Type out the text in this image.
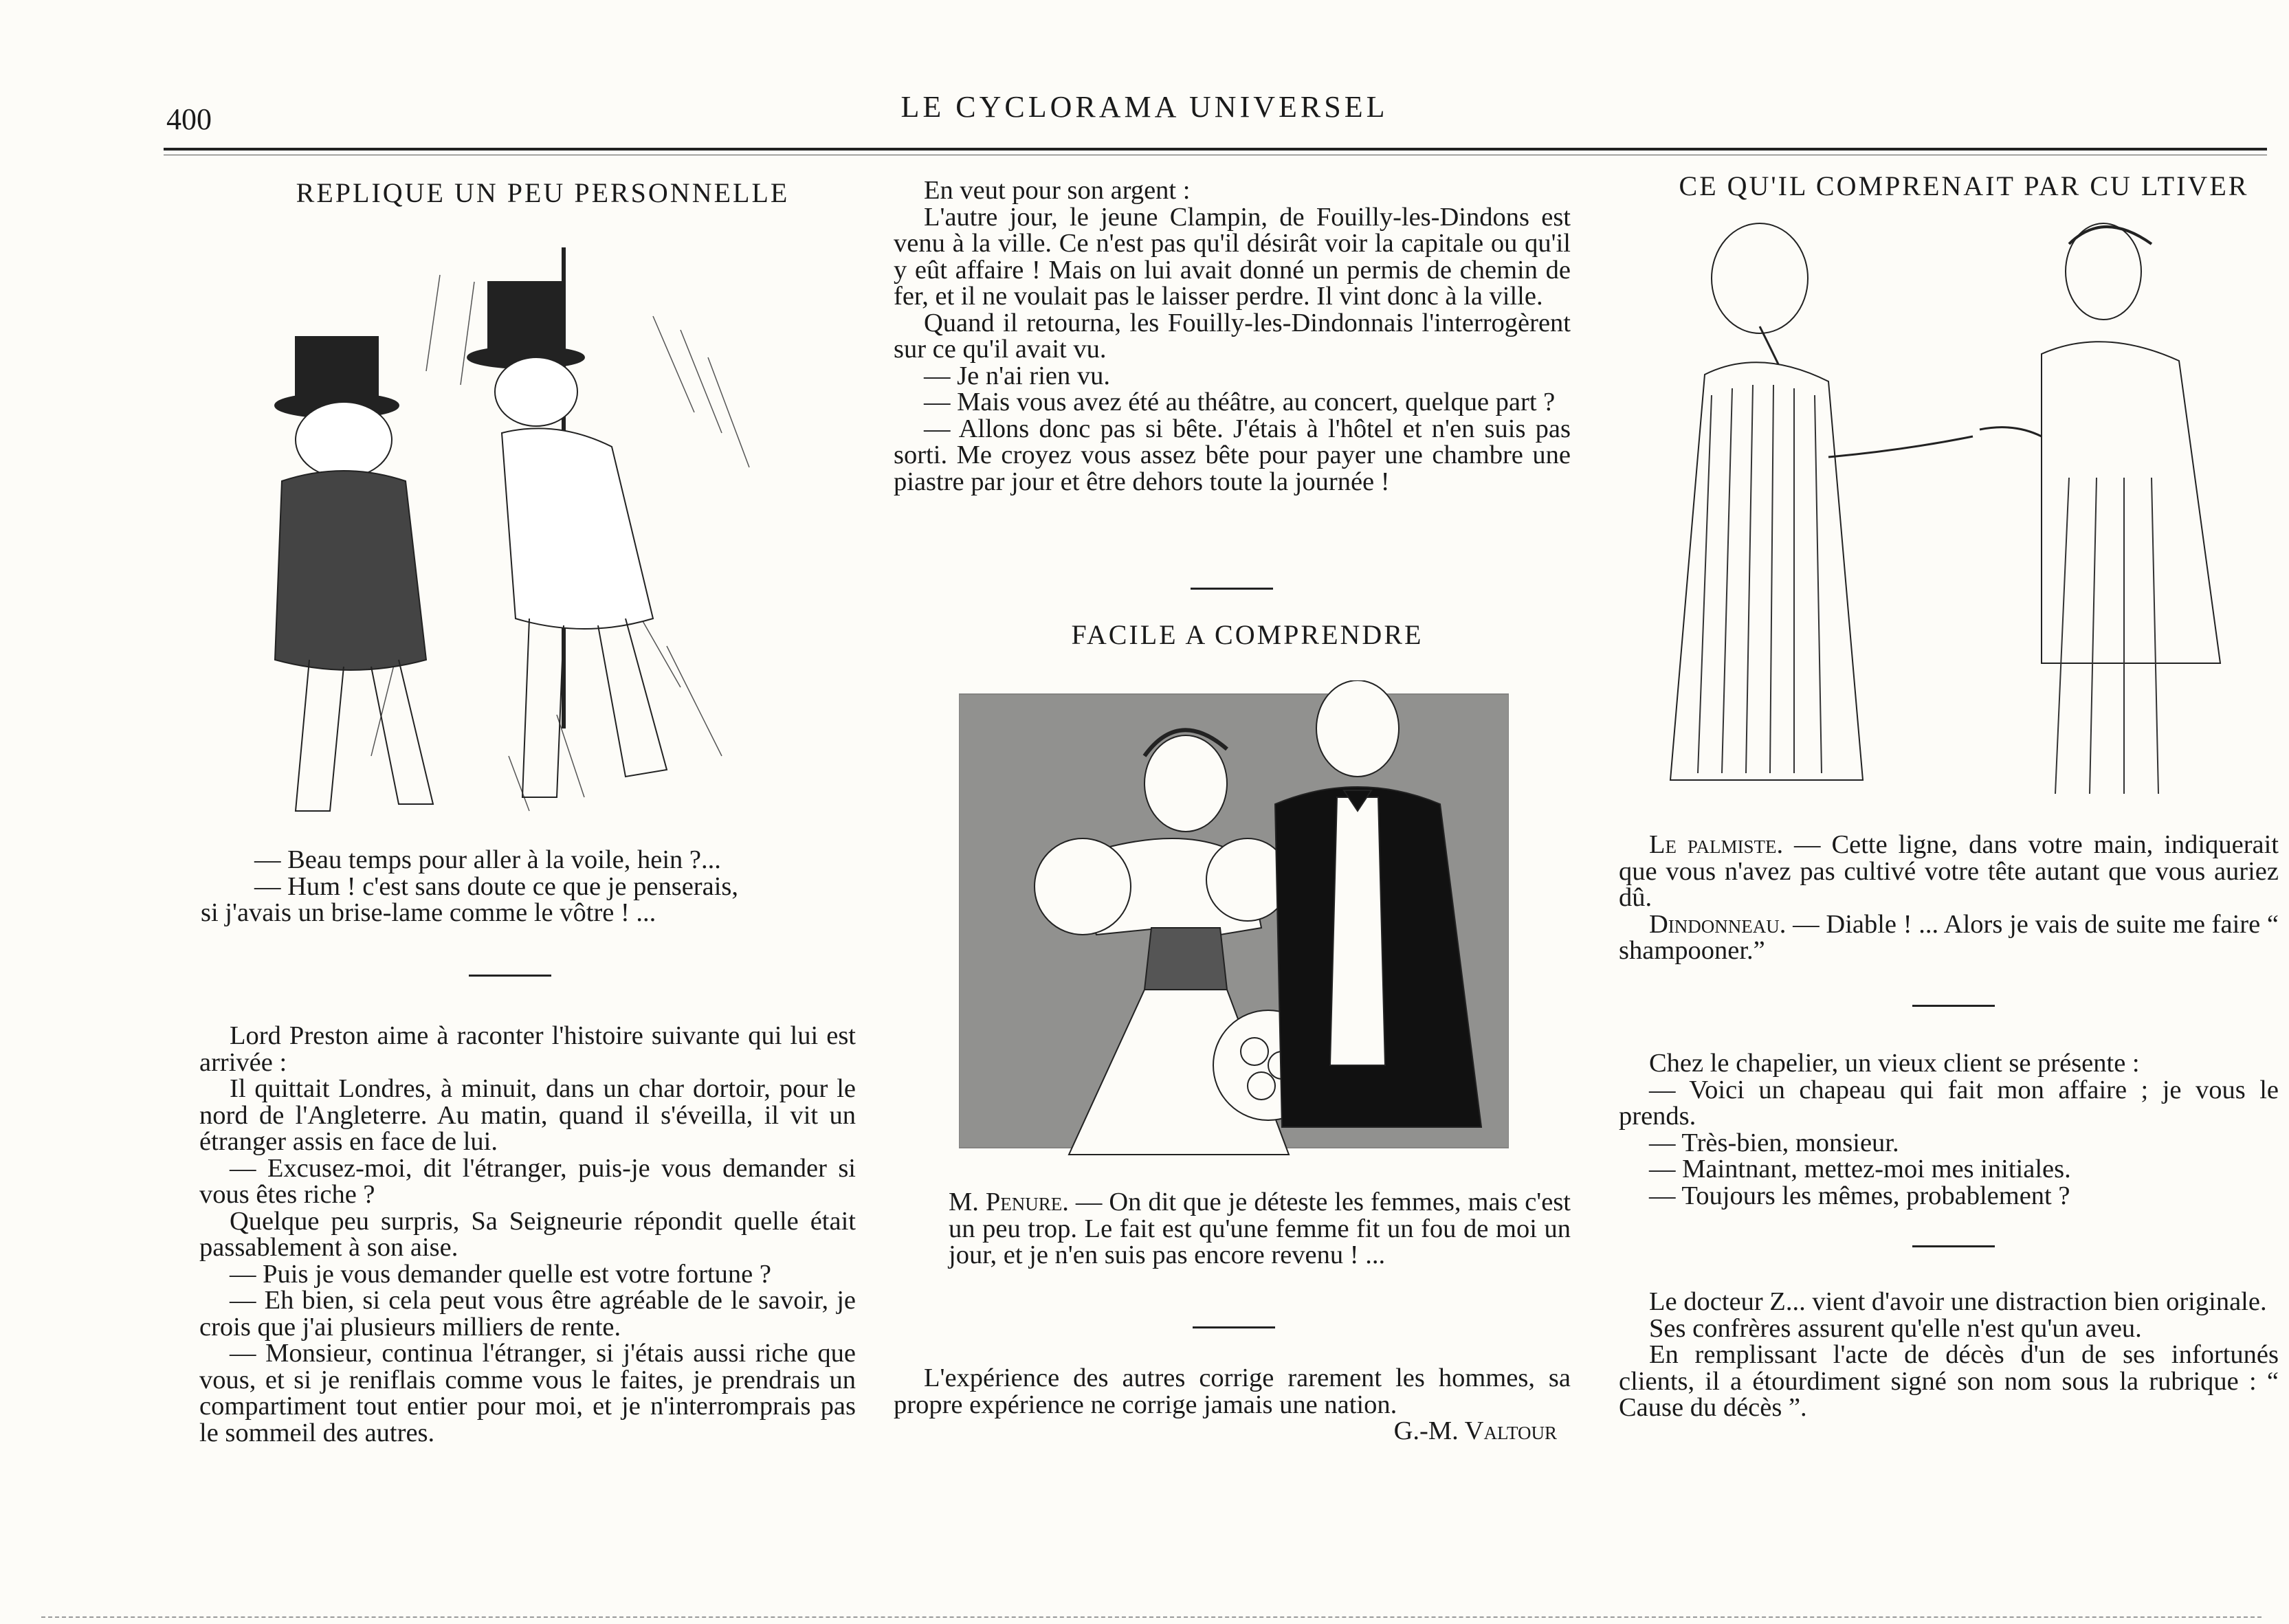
400	LE CYCLORAMA UNIVERSEL

REPLIQUE UN PEU PERSONNELLE

— Beau temps pour aller à la voile, hein ?...

— Hum ! c'est sans doute ce que je penserais,

si j'avais un brise-lame comme le vôtre ! ...

Lord Preston aime à raconter l'histoire suivante qui lui est arrivée :

Il quittait Londres, à minuit, dans un char dortoir, pour le nord de l'Angleterre. Au matin, quand il s'éveilla, il vit un étranger assis en face de lui.

— Excusez-moi, dit l'étranger, puis-je vous demander si vous êtes riche ?

Quelque peu surpris, Sa Seigneurie répondit quelle était passablement à son aise.

— Puis je vous demander quelle est votre fortune ?

— Eh bien, si cela peut vous être agréable de le savoir, je crois que j'ai plusieurs milliers de rente.

— Monsieur, continua l'étranger, si j'étais aussi riche que vous, et si je reniflais comme vous le faites, je prendrais un compartiment tout entier pour moi, et je n'interromprais pas le sommeil des autres.

En veut pour son argent :

L'autre jour, le jeune Clampin, de Fouilly-les-Dindons est venu à la ville. Ce n'est pas qu'il désirât voir la capitale ou qu'il y eût affaire ! Mais on lui avait donné un permis de chemin de fer, et il ne voulait pas le laisser perdre. Il vint donc à la ville.

Quand il retourna, les Fouilly-les-Dindonnais l'interrogèrent sur ce qu'il avait vu.

— Je n'ai rien vu.

— Mais vous avez été au théâtre, au concert, quelque part ?

— Allons donc pas si bête. J'étais à l'hôtel et n'en suis pas sorti. Me croyez vous assez bête pour payer une chambre une piastre par jour et être dehors toute la journée !

FACILE A COMPRENDRE

M. Penure. — On dit que je déteste les femmes, mais c'est un peu trop. Le fait est qu'une femme fit un fou de moi un jour, et je n'en suis pas encore revenu ! ...

L'expérience des autres corrige rarement les hommes, sa propre expérience ne corrige jamais une nation.

G.-M. Valtour

CE QU'IL COMPRENAIT PAR CU LTIVER

Le palmiste. — Cette ligne, dans votre main, indiquerait que vous n'avez pas cultivé votre tête autant que vous auriez dû.

Dindonneau. — Diable ! ... Alors je vais de suite me faire “ shampooner.”

Chez le chapelier, un vieux client se présente :

— Voici un chapeau qui fait mon affaire ; je vous le prends.

— Très-bien, monsieur.

— Maintnant, mettez-moi mes initiales.

— Toujours les mêmes, probablement ?

Le docteur Z... vient d'avoir une distraction bien originale.

Ses confrères assurent qu'elle n'est qu'un aveu.

En remplissant l'acte de décès d'un de ses infortunés clients, il a étourdiment signé son nom sous la rubrique : “ Cause du décès ”.
